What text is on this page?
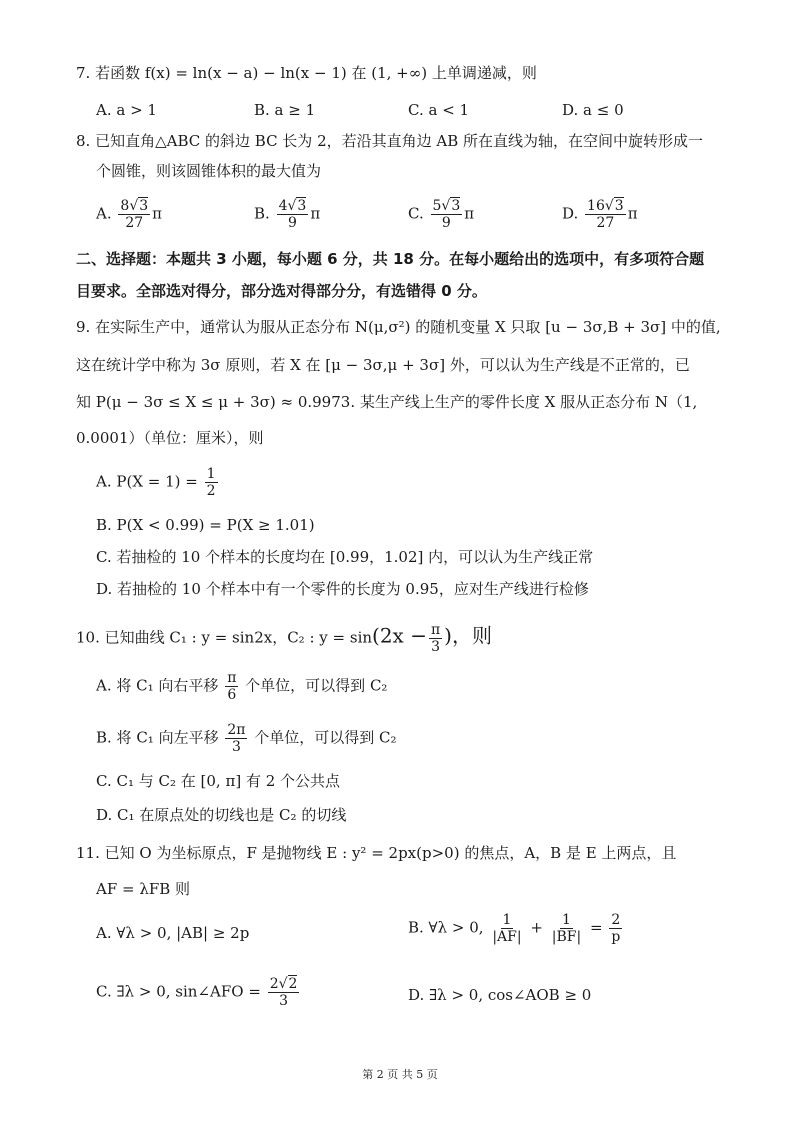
7. 若函数 f(x) = ln(x − a) − ln(x − 1) 在 (1, +∞) 上单调递减，则
A. a > 1	B. a ≥ 1	C. a < 1	D. a ≤ 0
8. 已知直角△ABC 的斜边 BC 长为 2，若沿其直角边 AB 所在直线为轴，在空间中旋转形成一
个圆锥，则该圆锥体积的最大值为
A. $\frac{8√3}{27}$ π	B. $\frac{4√3}{9}$ π	C. $\frac{5√3}{9}$ π	D. $\frac{16√3}{27}$ π
二、选择题：本题共 3 小题，每小题 6 分，共 18 分。在每小题给出的选项中，有多项符合题
目要求。全部选对得分，部分选对得部分分，有选错得 0 分。
9. 在实际生产中，通常认为服从正态分布 N(μ,σ²) 的随机变量 X 只取 [u − 3σ,B + 3σ] 中的值,
这在统计学中称为 3σ 原则，若 X 在 [μ − 3σ,μ + 3σ] 外，可以认为生产线是不正常的，已
知 P(μ − 3σ ≤ X ≤ μ + 3σ) ≈ 0.9973. 某生产线上生产的零件长度 X 服从正态分布 N（1,
0.0001）（单位：厘米），则
A. $P(X = 1) = \frac{1}{2}$
B. P(X < 0.99) = P(X ≥ 1.01)
C. 若抽检的 10 个样本的长度均在 [0.99，1.02] 内，可以认为生产线正常
D. 若抽检的 10 个样本中有一个零件的长度为 0.95，应对生产线进行检修
10. 已知曲线 C₁ : y = sin2x，C₂ : $y = \sin(2x - \frac{\pi}{3}$ )，则
A. 将 C₁ 向右平移 $\frac{\pi}{6}$ 个单位，可以得到 C₂
B. 将 C₁ 向左平移 $\frac{2\pi}{3}$ 个单位，可以得到 C₂
C. C₁ 与 C₂ 在 [0, π] 有 2 个公共点
D. C₁ 在原点处的切线也是 C₂ 的切线
11. 已知 O 为坐标原点，F 是抛物线 E : y² = 2px(p>0) 的焦点，A，B 是 E 上两点，且
AF = λFB 则
A. ∀λ > 0, |AB| ≥ 2p	B. ∀λ > 0, $\frac{1}{|AF|} + \frac{1}{|BF|} = \frac{2}{p}$
C. ∃λ > 0, sin∠AFO = $\frac{2√2}{3}$	D. ∃λ > 0, cos∠AOB ≥ 0
第 2 页 共 5 页
